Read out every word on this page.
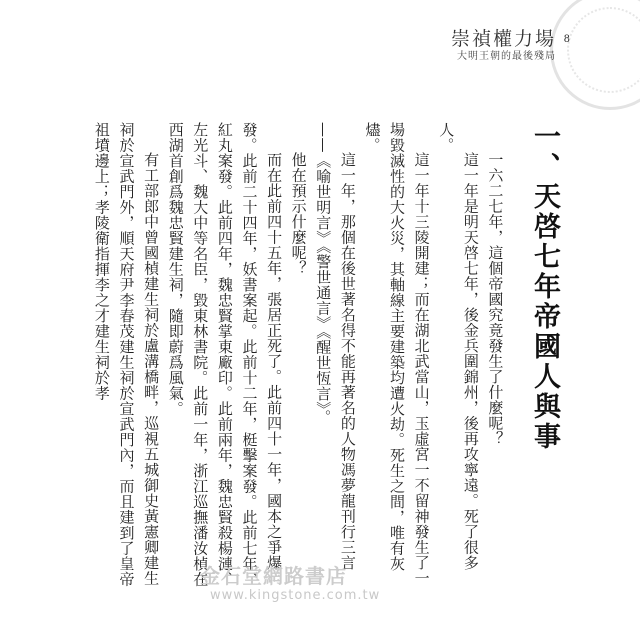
崇禎權力場
大明王朝的最後殘局
8
一、天啓七年帝國人與事

一六二七年，這個帝國究竟發生了什麼呢？

這一年是明天啓七年，後金兵圍錦州，後再攻寧遠。死了很多人。

這一年十三陵開建；而在湖北武當山，玉虛宮一不留神發生了一場毀滅性的大火災，其軸線主要建築均遭火劫。死生之間，唯有灰燼。

這一年，那個在後世著名得不能再著名的人物馮夢龍刊行三言——《喻世明言》《警世通言》《醒世恆言》。

他在預示什麼呢？

而在此前四十五年，張居正死了。此前四十一年，國本之爭爆發。此前二十四年，妖書案起。此前十二年，梃擊案發。此前七年，紅丸案發。此前四年，魏忠賢掌東廠印。此前兩年，魏忠賢殺楊漣、左光斗、魏大中等名臣，毀東林書院。此前一年，浙江巡撫潘汝楨在西湖首創爲魏忠賢建生祠，隨即蔚爲風氣。

有工部郎中曾國楨建生祠於盧溝橋畔，巡視五城御史黃憲卿建生祠於宣武門外，順天府尹李春茂建生祠於宣武門內，而且建到了皇帝祖墳邊上；孝陵衛指揮李之才建生祠於孝

金石堂網路書店
www.kingstone.com.tw
